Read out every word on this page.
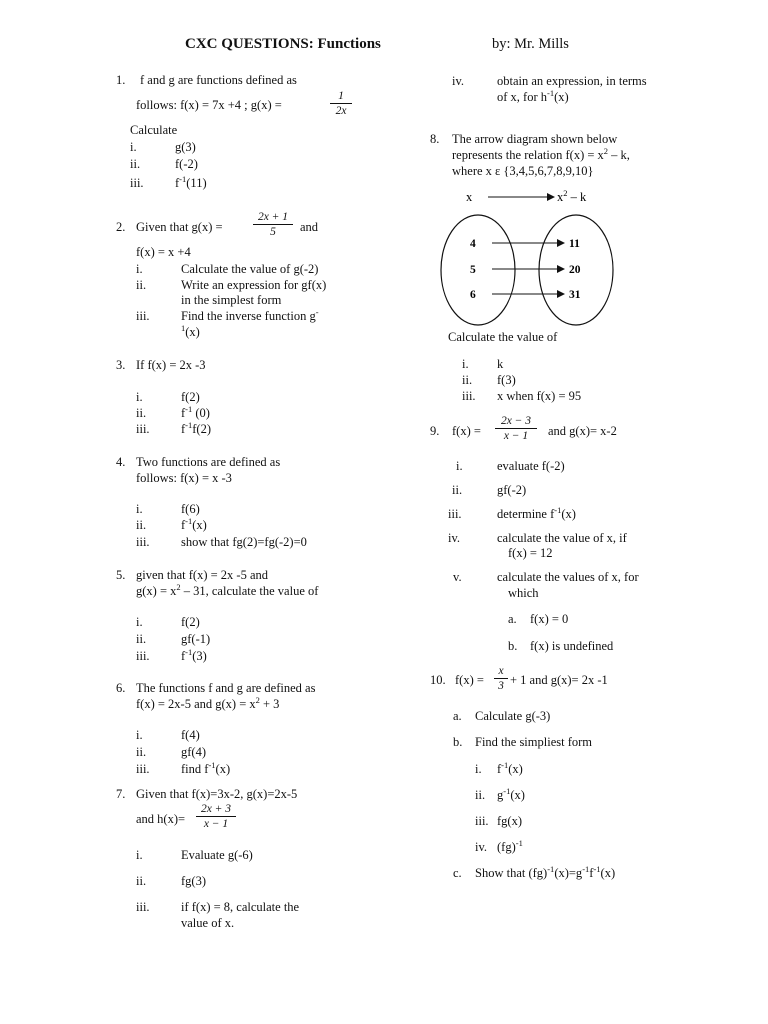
CXC QUESTIONS: Functions	by: Mr. Mills
1. f and g are functions defined as
follows: f(x) = 7x +4 ; g(x) =
1
2x
Calculate
i.	g(3)
ii.	f(-2)
iii.	$f^{-1}(11)$
2. Given that g(x) =
2x + 1
5	and
f(x) = x +4
i.	Calculate the value of g(-2)
ii.	Write an expression for gf(x)
in the simplest form
iii.	Find the inverse function g-
$^1$(x)
3. If f(x) = 2x -3
i.	f(2)
ii.	$f^{-1}$ (0)
iii.	$f^{-1}f(2)$
4. Two functions are defined as
follows: f(x) = x -3
i.	f(6)
ii.	$f^{-1}(x)$
iii.	show that fg(2)=fg(-2)=0
5. given that f(x) = 2x -5 and
$g(x) = x^2 - 31$, calculate the value of
i.	f(2)
ii.	gf(-1)
iii.	$f^{-1}(3)$
6. The functions f and g are defined as
f(x) = 2x-5 and $g(x) = x^2 + 3$
i.	f(4)
ii.	gf(4)
iii.	find $f^{-1}(x)$
7. Given that f(x)=3x-2, g(x)=2x-5
and h(x)=
2x + 3
x − 1
i.	Evaluate g(-6)
ii.	fg(3)
iii.	if f(x) = 8, calculate the
value of x.
iv.	obtain an expression, in terms
of x, for $h^{-1}(x)$
8. The arrow diagram shown below
represents the relation $f(x) = x^2 - k$,
where x ε {3,4,5,6,7,8,9,10}
x	$x^2$ – k
4
5
6
11
20
31
Calculate the value of
i. k
ii. f(3)
iii. x when f(x) = 95
9. f(x) =
2x − 3
x − 1	and g(x)= x-2
i.	evaluate f(-2)
ii.	gf(-2)
iii.	determine $f^{-1}(x)$
iv.	calculate the value of x, if
f(x) = 12
v.	calculate the values of x, for
which
a. f(x) = 0
b. f(x) is undefined
10. f(x) =
x
3 + 1 and g(x)= 2x -1
a. Calculate g(-3)
b. Find the simpliest form
i. $f^{-1}(x)$
ii. $g^{-1}(x)$
iii. fg(x)
iv. (fg)$^{-1}$
c. Show that $(fg)^{-1}(x)=g^{-1}f^{-1}(x)$
